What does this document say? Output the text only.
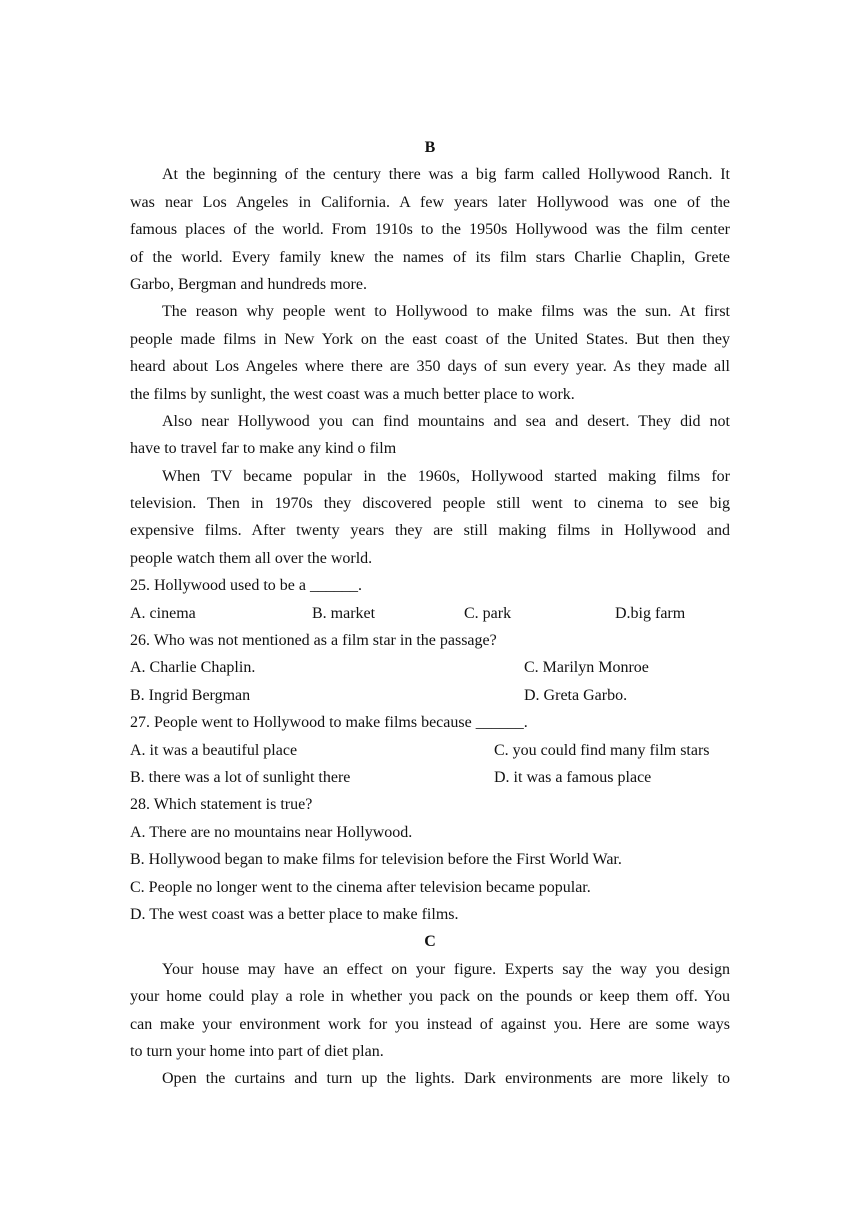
B
At the beginning of the century there was a big farm called Hollywood Ranch. It
was near Los Angeles in California. A few years later Hollywood was one of the
famous places of the world. From 1910s to the 1950s Hollywood was the film center
of the world. Every family knew the names of its film stars Charlie Chaplin, Grete
Garbo, Bergman and hundreds more.
The reason why people went to Hollywood to make films was the sun. At first
people made films in New York on the east coast of the United States. But then they
heard about Los Angeles where there are 350 days of sun every year. As they made all
the films by sunlight, the west coast was a much better place to work.
Also near Hollywood you can find mountains and sea and desert. They did not
have to travel far to make any kind o film
When TV became popular in the 1960s, Hollywood started making films for
television. Then in 1970s they discovered people still went to cinema to see big
expensive films. After twenty years they are still making films in Hollywood and
people watch them all over the world.
25. Hollywood used to be a ______.
A. cinema	B. market	C. park	D.big farm
26. Who was not mentioned as a film star in the passage?
A. Charlie Chaplin.	C. Marilyn Monroe
B. Ingrid Bergman	D. Greta Garbo.
27. People went to Hollywood to make films because ______.
A. it was a beautiful place	C. you could find many film stars
B. there was a lot of sunlight there	D. it was a famous place
28. Which statement is true?
A. There are no mountains near Hollywood.
B. Hollywood began to make films for television before the First World War.
C. People no longer went to the cinema after television became popular.
D. The west coast was a better place to make films.
C
Your house may have an effect on your figure. Experts say the way you design
your home could play a role in whether you pack on the pounds or keep them off. You
can make your environment work for you instead of against you. Here are some ways
to turn your home into part of diet plan.
Open the curtains and turn up the lights. Dark environments are more likely to
